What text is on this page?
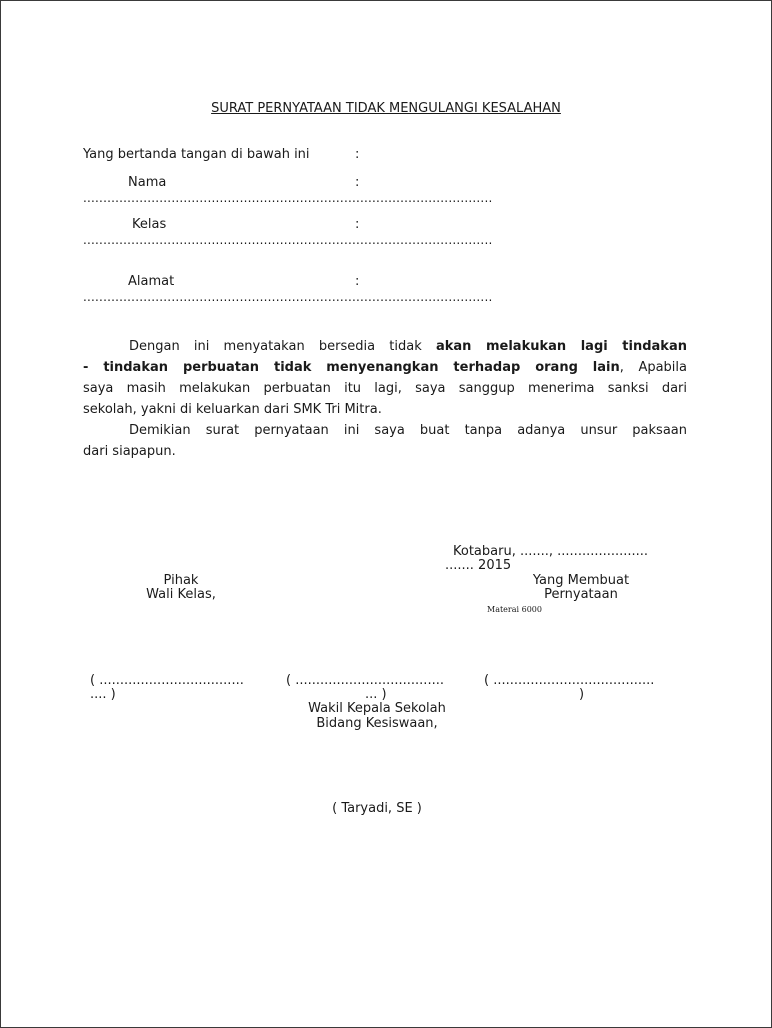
SURAT PERNYATAAN TIDAK MENGULANGI KESALAHAN
Yang bertanda tangan di bawah ini	:
Nama	:
......................................................................................................
Kelas	:
......................................................................................................
Alamat	:
......................................................................................................

Dengan ini menyatakan bersedia tidak akan melakukan lagi tindakan

- tindakan perbuatan tidak menyenangkan terhadap orang lain, Apabila

saya masih melakukan perbuatan itu lagi, saya sanggup menerima sanksi dari

sekolah, yakni di keluarkan dari SMK Tri Mitra.

Demikian surat pernyataan ini saya buat tanpa adanya unsur paksaan

dari siapapun.

Kotabaru, ......., ......................
....... 2015
Pihak
Wali Kelas,
Yang Membuat
Pernyataan
Materai 6000
( ...................................
.... )
( ....................................
... )
( .......................................
)
Wakil Kepala Sekolah
Bidang Kesiswaan,
( Taryadi, SE )
